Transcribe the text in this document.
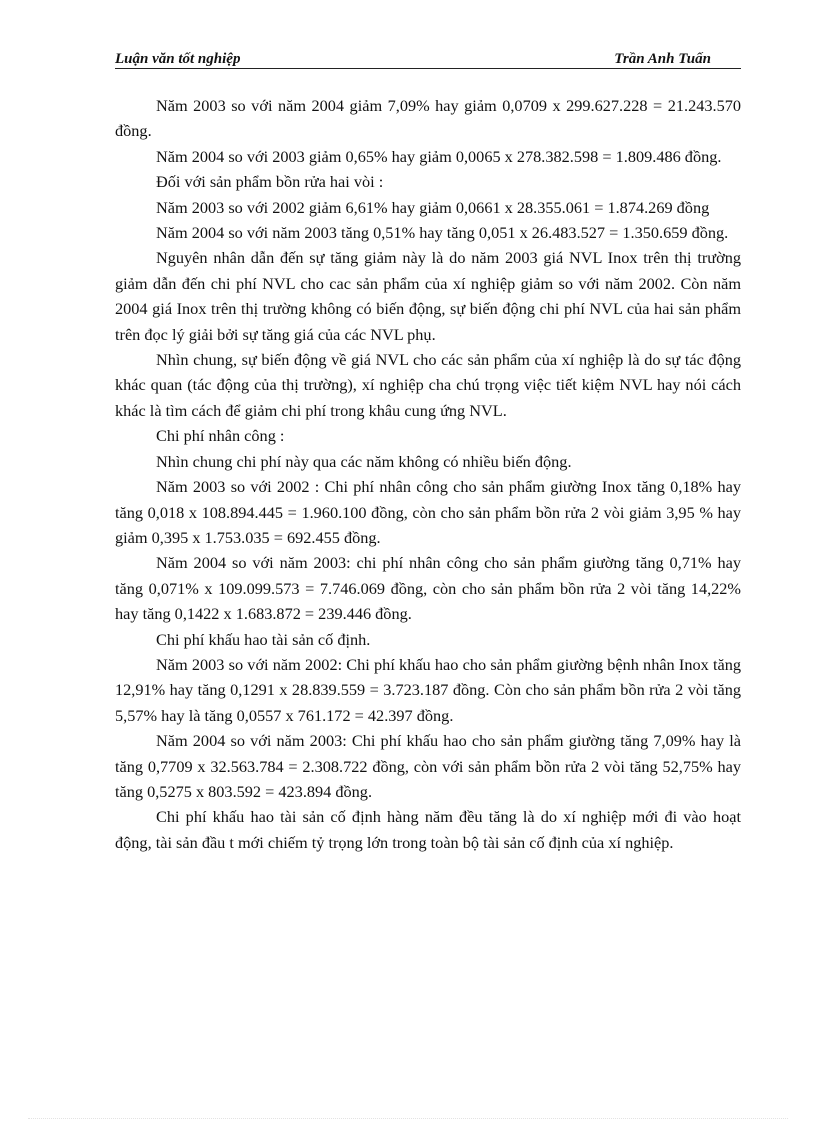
Luận văn tốt nghiệp	Trần Anh Tuấn

Năm 2003 so với năm 2004 giảm 7,09% hay giảm 0,0709 x 299.627.228 = 21.243.570 đồng.

Năm 2004 so với 2003 giảm 0,65% hay giảm 0,0065 x 278.382.598 = 1.809.486 đồng.

Đối với sản phẩm bồn rửa hai vòi :

Năm 2003 so với 2002 giảm 6,61% hay giảm 0,0661 x 28.355.061 = 1.874.269 đồng

Năm 2004 so với năm 2003 tăng 0,51% hay tăng 0,051 x 26.483.527 = 1.350.659 đồng.

Nguyên nhân dẫn đến sự tăng giảm này là do năm 2003 giá NVL Inox trên thị trường giảm dẫn đến chi phí NVL cho cac sản phẩm của xí nghiệp giảm so với năm 2002. Còn năm 2004 giá Inox trên thị trường không có biến động, sự biến động chi phí NVL của hai sản phẩm trên đọc lý giải bởi sự tăng giá của các NVL phụ.

Nhìn chung, sự biến động về giá NVL cho các sản phẩm của xí nghiệp là do sự tác động khác quan (tác động của thị trường), xí nghiệp cha chú trọng việc tiết kiệm NVL hay nói cách khác là tìm cách để giảm chi phí trong khâu cung ứng NVL.

Chi phí nhân công :

Nhìn chung chi phí này qua các năm không có nhiều biến động.

Năm 2003 so với 2002 : Chi phí nhân công cho sản phẩm giường Inox tăng 0,18% hay tăng 0,018 x 108.894.445 = 1.960.100 đồng, còn cho sản phẩm bồn rửa 2 vòi giảm 3,95 % hay giảm 0,395 x 1.753.035 = 692.455 đồng.

Năm 2004 so với năm 2003: chi phí nhân công cho sản phẩm giường tăng 0,71% hay tăng 0,071% x 109.099.573 = 7.746.069 đồng, còn cho sản phẩm bồn rửa 2 vòi tăng 14,22% hay tăng 0,1422 x 1.683.872 = 239.446 đồng.

Chi phí khấu hao tài sản cố định.

Năm 2003 so với năm 2002: Chi phí khấu hao cho sản phẩm giường bệnh nhân Inox tăng 12,91% hay tăng 0,1291 x 28.839.559 = 3.723.187 đồng. Còn cho sản phẩm bồn rửa 2 vòi tăng 5,57% hay là tăng 0,0557 x 761.172 = 42.397 đồng.

Năm 2004 so với năm 2003: Chi phí khấu hao cho sản phẩm giường tăng 7,09% hay là tăng 0,7709 x 32.563.784 = 2.308.722 đồng, còn với sản phẩm bồn rửa 2 vòi tăng 52,75% hay tăng 0,5275 x 803.592 = 423.894 đồng.

Chi phí khấu hao tài sản cố định hàng năm đều tăng là do xí nghiệp mới đi vào hoạt động, tài sản đầu t mới chiếm tỷ trọng lớn trong toàn bộ tài sản cố định của xí nghiệp.
